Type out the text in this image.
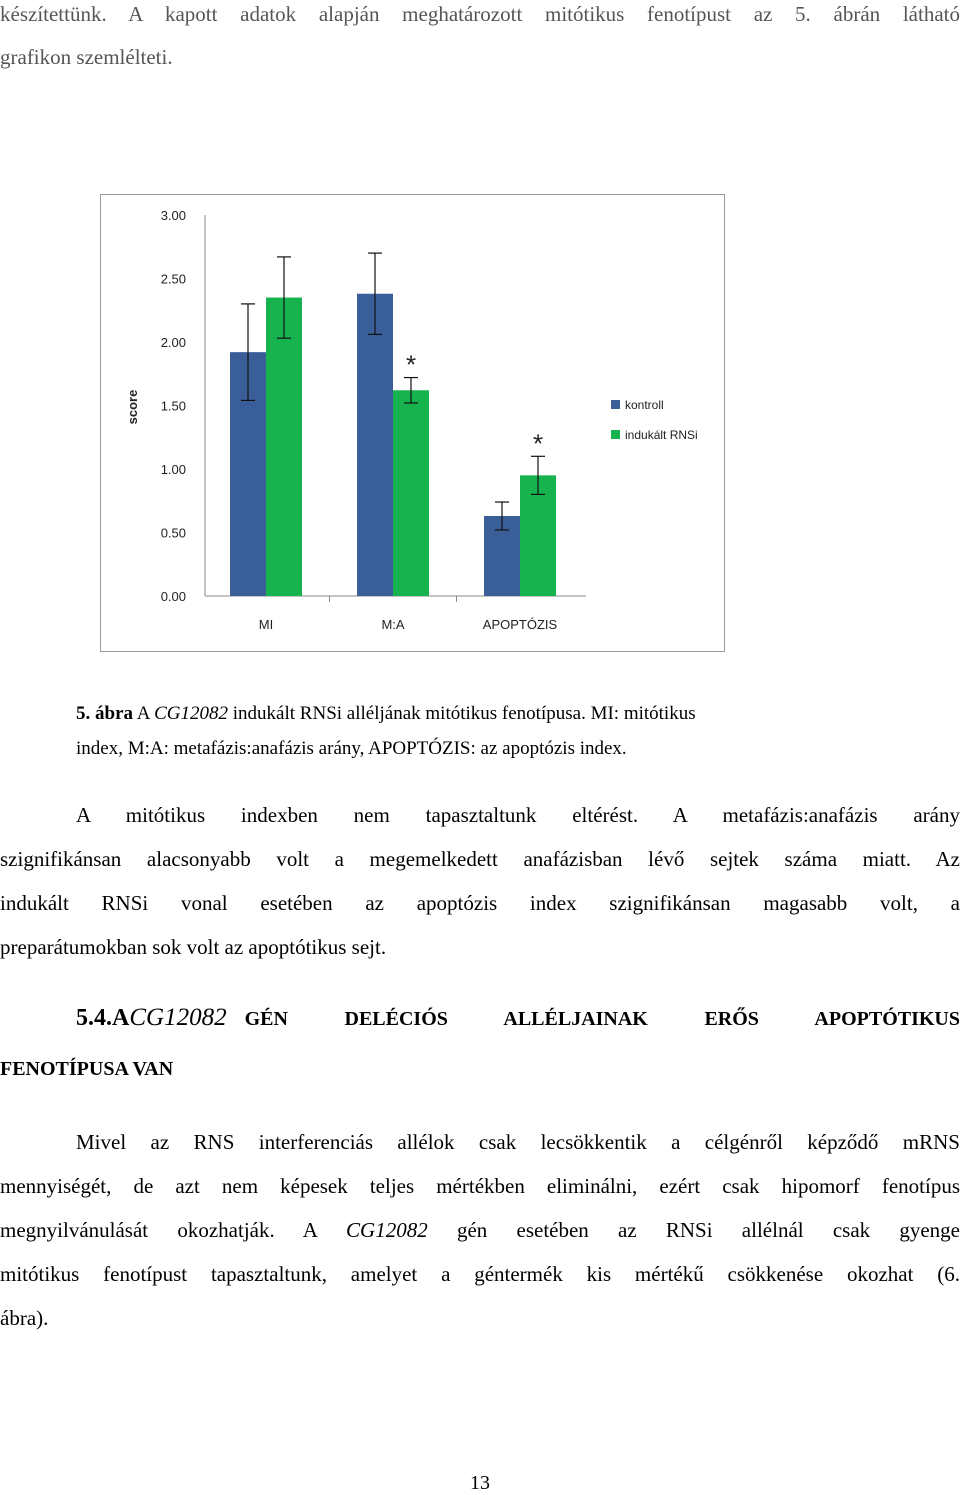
készítettünk. A kapott adatok alapján meghatározott mitótikus fenotípust az 5. ábrán látható
grafikon szemlélteti.
0.00
0.50
1.00
1.50
2.00
2.50
3.00
score
MI
*
M:A
*
APOPTÓZIS
kontroll
indukált RNSi
5. ábra A CG12082 indukált RNSi alléljának mitótikus fenotípusa. MI: mitótikus
index, M:A: metafázis:anafázis arány, APOPTÓZIS: az apoptózis index.
A mitótikus indexben nem tapasztaltunk eltérést. A metafázis:anafázis arány
szignifikánsan alacsonyabb volt a megemelkedett anafázisban lévő sejtek száma miatt. Az
indukált RNSi vonal esetében az apoptózis index szignifikánsan magasabb volt, a
preparátumokban sok volt az apoptótikus sejt.
5.4. A CG12082 GÉN DELÉCIÓS ALLÉLJAINAK ERŐS APOPTÓTIKUS
FENOTÍPUSA VAN
Mivel az RNS interferenciás allélok csak lecsökkentik a célgénről képződő mRNS
mennyiségét, de azt nem képesek teljes mértékben eliminálni, ezért csak hipomorf fenotípus
megnyilvánulását okozhatják. A CG12082 gén esetében az RNSi allélnál csak gyenge
mitótikus fenotípust tapasztaltunk, amelyet a géntermék kis mértékű csökkenése okozhat (6.
ábra).
13
